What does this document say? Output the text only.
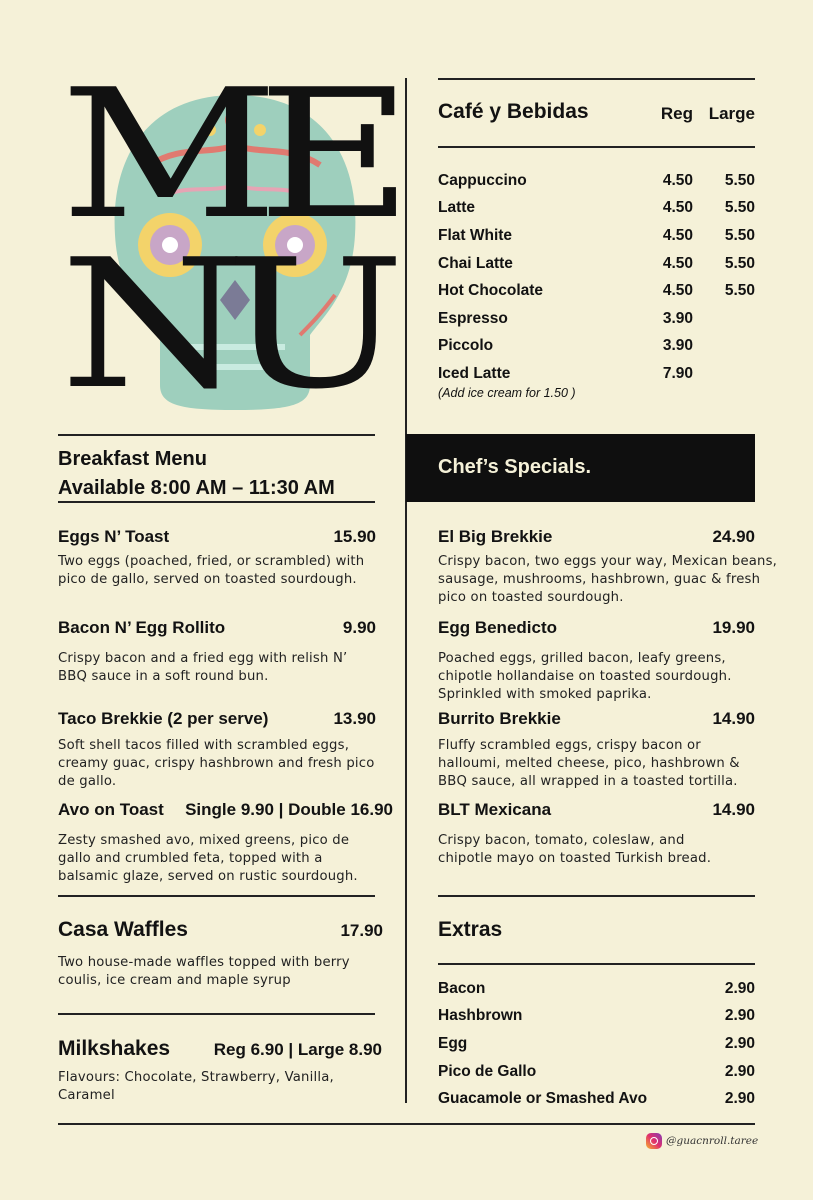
ME
NU
Café y Bebidas	Reg Large
Cappuccino	4.50	5.50
Latte	4.50	5.50
Flat White	4.50	5.50
Chai Latte	4.50	5.50
Hot Chocolate	4.50	5.50
Espresso	3.90
Piccolo	3.90
Iced Latte	7.90
(Add ice cream for 1.50 )
Breakfast Menu
Available 8:00 AM – 11:30 AM
Chef’s Specials.
Eggs N’ Toast	15.90
Two eggs (poached, fried, or scrambled) with pico de gallo, served on toasted sourdough.
Bacon N’ Egg Rollito	9.90
Crispy bacon and a fried egg with relish N’ BBQ sauce in a soft round bun.
Taco Brekkie (2 per serve)	13.90
Soft shell tacos filled with scrambled eggs, creamy guac, crispy hashbrown and fresh pico de gallo.
Avo on Toast Single 9.90 | Double 16.90
Zesty smashed avo, mixed greens, pico de gallo and crumbled feta, topped with a balsamic glaze, served on rustic sourdough.
Casa Waffles	17.90
Two house-made waffles topped with berry coulis, ice cream and maple syrup
Milkshakes	Reg 6.90 | Large 8.90
Flavours: Chocolate, Strawberry, Vanilla, Caramel
El Big Brekkie	24.90
Crispy bacon, two eggs your way, Mexican beans, sausage, mushrooms, hashbrown, guac & fresh pico on toasted sourdough.
Egg Benedicto	19.90
Poached eggs, grilled bacon, leafy greens, chipotle hollandaise on toasted sourdough. Sprinkled with smoked paprika.
Burrito Brekkie	14.90
Fluffy scrambled eggs, crispy bacon or halloumi, melted cheese, pico, hashbrown & BBQ sauce, all wrapped in a toasted tortilla.
BLT Mexicana	14.90
Crispy bacon, tomato, coleslaw, and chipotle mayo on toasted Turkish bread.
Extras
Bacon	2.90
Hashbrown	2.90
Egg	2.90
Pico de Gallo	2.90
Guacamole or Smashed Avo	2.90
@guacnroll.taree
